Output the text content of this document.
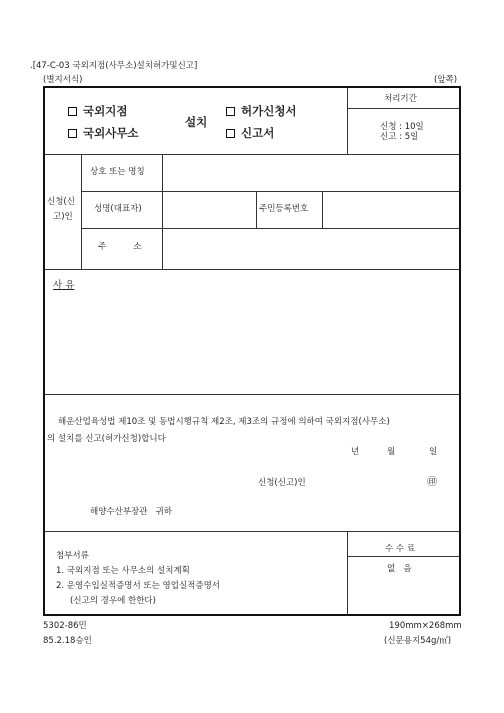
.[47-C-03 국외지점(사무소)설치허가및신고]
(별지서식)	(앞쪽)
국외지점
국외사무소
설치
허가신청서
신고서
처리기간
신청 : 10일
신고 : 5일
신청(신
고)인
상호 또는 명칭
성명(대표자)	주민등록번호
주          소
사 유
해운산업육성법 제10조 및 동법시행규칙 제2조, 제3조의 규정에 의하여 국외지점(사무소)
의 설치를 신고(허가신청)합니다
년	월	일
신청(신고)인	㊞
해양수산부장관   귀하
첨부서류
1. 국외지점 또는 사무소의 설치계획
2. 운영수입실적증명서 또는 영업실적증명서
(신고의 경우에 한한다)
수 수 료
없   음
5302-86민
85.2.18승인
190mm×268mm
(신문용지54g/㎡)
